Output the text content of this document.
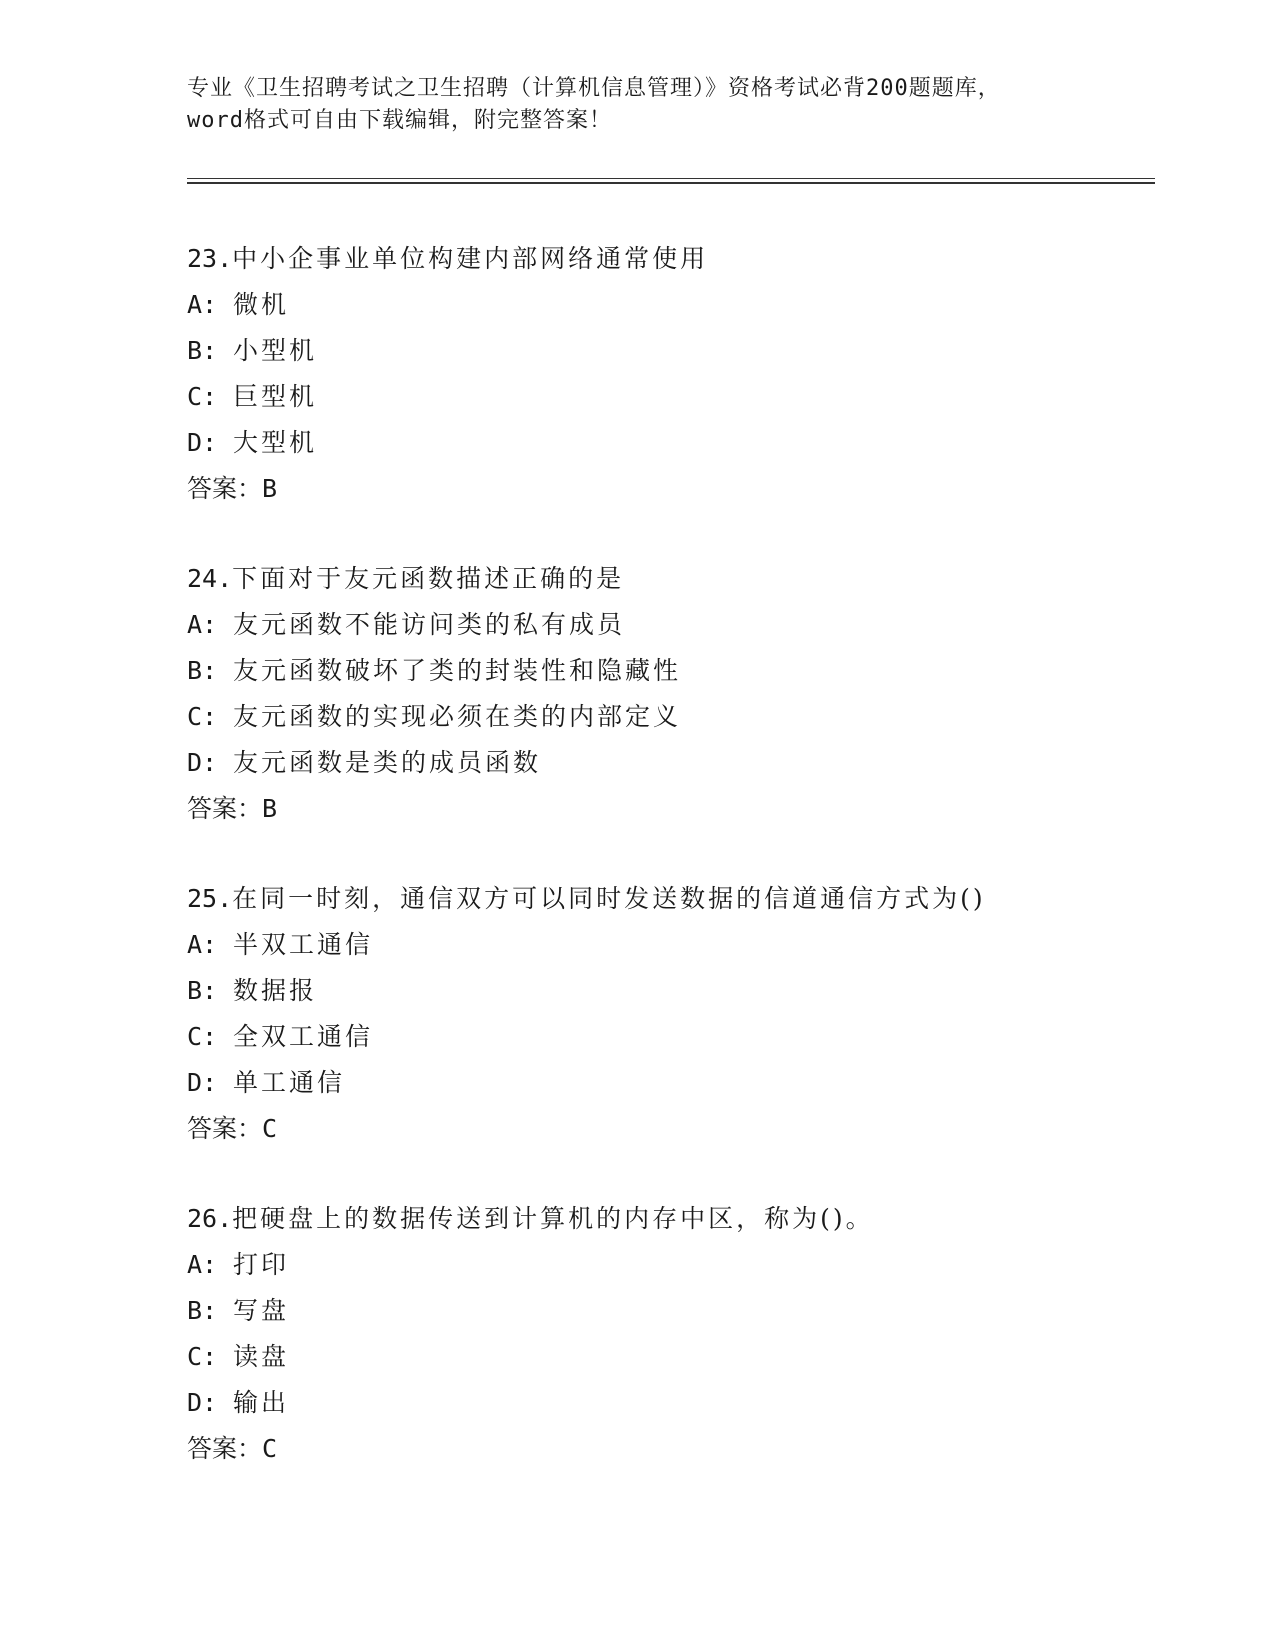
专业《卫生招聘考试之卫生招聘（计算机信息管理）》资格考试必背200题题库，
word格式可自由下载编辑，附完整答案！
23.中小企事业单位构建内部网络通常使用
A: 微机
B: 小型机
C: 巨型机
D: 大型机
答案：B
24.下面对于友元函数描述正确的是
A: 友元函数不能访问类的私有成员
B: 友元函数破坏了类的封装性和隐藏性
C: 友元函数的实现必须在类的内部定义
D: 友元函数是类的成员函数
答案：B
25.在同一时刻，通信双方可以同时发送数据的信道通信方式为()
A: 半双工通信
B: 数据报
C: 全双工通信
D: 单工通信
答案：C
26.把硬盘上的数据传送到计算机的内存中区，称为()。
A: 打印
B: 写盘
C: 读盘
D: 输出
答案：C
